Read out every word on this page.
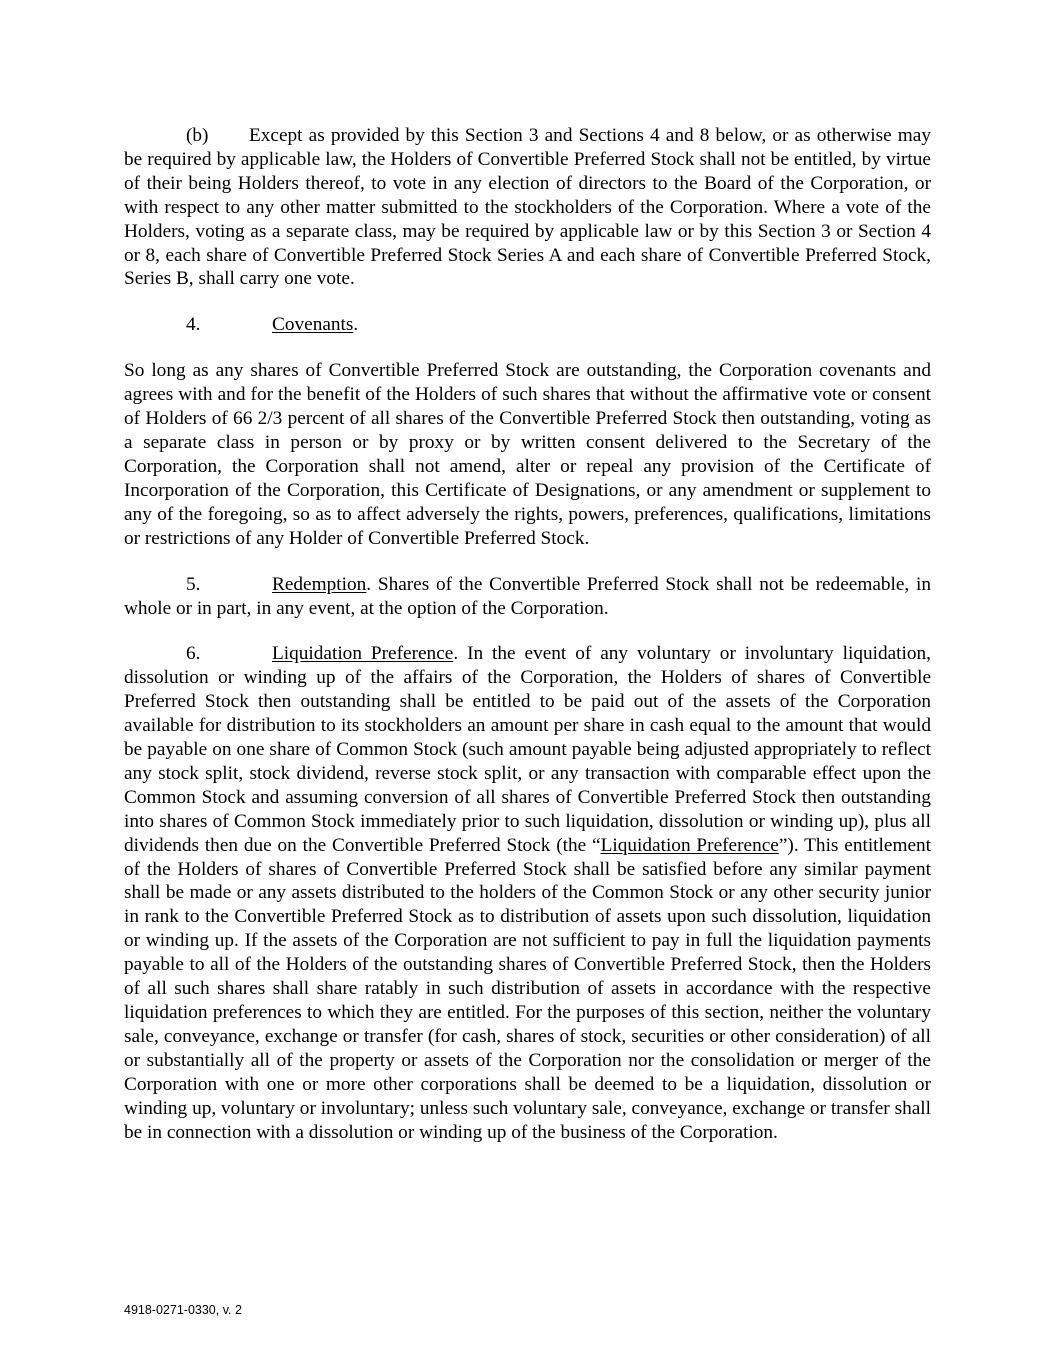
(b) Except as provided by this Section 3 and Sections 4 and 8 below, or as otherwise may be required by applicable law, the Holders of Convertible Preferred Stock shall not be entitled, by virtue of their being Holders thereof, to vote in any election of directors to the Board of the Corporation, or with respect to any other matter submitted to the stockholders of the Corporation. Where a vote of the Holders, voting as a separate class, may be required by applicable law or by this Section 3 or Section 4 or 8, each share of Convertible Preferred Stock Series A and each share of Convertible Preferred Stock, Series B, shall carry one vote.

4.	Covenants.

So long as any shares of Convertible Preferred Stock are outstanding, the Corporation covenants and agrees with and for the benefit of the Holders of such shares that without the affirmative vote or consent of Holders of 66 2/3 percent of all shares of the Convertible Preferred Stock then outstanding, voting as a separate class in person or by proxy or by written consent delivered to the Secretary of the Corporation, the Corporation shall not amend, alter or repeal any provision of the Certificate of Incorporation of the Corporation, this Certificate of Designations, or any amendment or supplement to any of the foregoing, so as to affect adversely the rights, powers, preferences, qualifications, limitations or restrictions of any Holder of Convertible Preferred Stock.

5.	Redemption. Shares of the Convertible Preferred Stock shall not be redeemable, in whole or in part, in any event, at the option of the Corporation.

6.	Liquidation Preference. In the event of any voluntary or involuntary liquidation, dissolution or winding up of the affairs of the Corporation, the Holders of shares of Convertible Preferred Stock then outstanding shall be entitled to be paid out of the assets of the Corporation available for distribution to its stockholders an amount per share in cash equal to the amount that would be payable on one share of Common Stock (such amount payable being adjusted appropriately to reflect any stock split, stock dividend, reverse stock split, or any transaction with comparable effect upon the Common Stock and assuming conversion of all shares of Convertible Preferred Stock then outstanding into shares of Common Stock immediately prior to such liquidation, dissolution or winding up), plus all dividends then due on the Convertible Preferred Stock (the “Liquidation Preference”). This entitlement of the Holders of shares of Convertible Preferred Stock shall be satisfied before any similar payment shall be made or any assets distributed to the holders of the Common Stock or any other security junior in rank to the Convertible Preferred Stock as to distribution of assets upon such dissolution, liquidation or winding up. If the assets of the Corporation are not sufficient to pay in full the liquidation payments payable to all of the Holders of the outstanding shares of Convertible Preferred Stock, then the Holders of all such shares shall share ratably in such distribution of assets in accordance with the respective liquidation preferences to which they are entitled. For the purposes of this section, neither the voluntary sale, conveyance, exchange or transfer (for cash, shares of stock, securities or other consideration) of all or substantially all of the property or assets of the Corporation nor the consolidation or merger of the Corporation with one or more other corporations shall be deemed to be a liquidation, dissolution or winding up, voluntary or involuntary; unless such voluntary sale, conveyance, exchange or transfer shall be in connection with a dissolution or winding up of the business of the Corporation.

4918-0271-0330, v. 2
